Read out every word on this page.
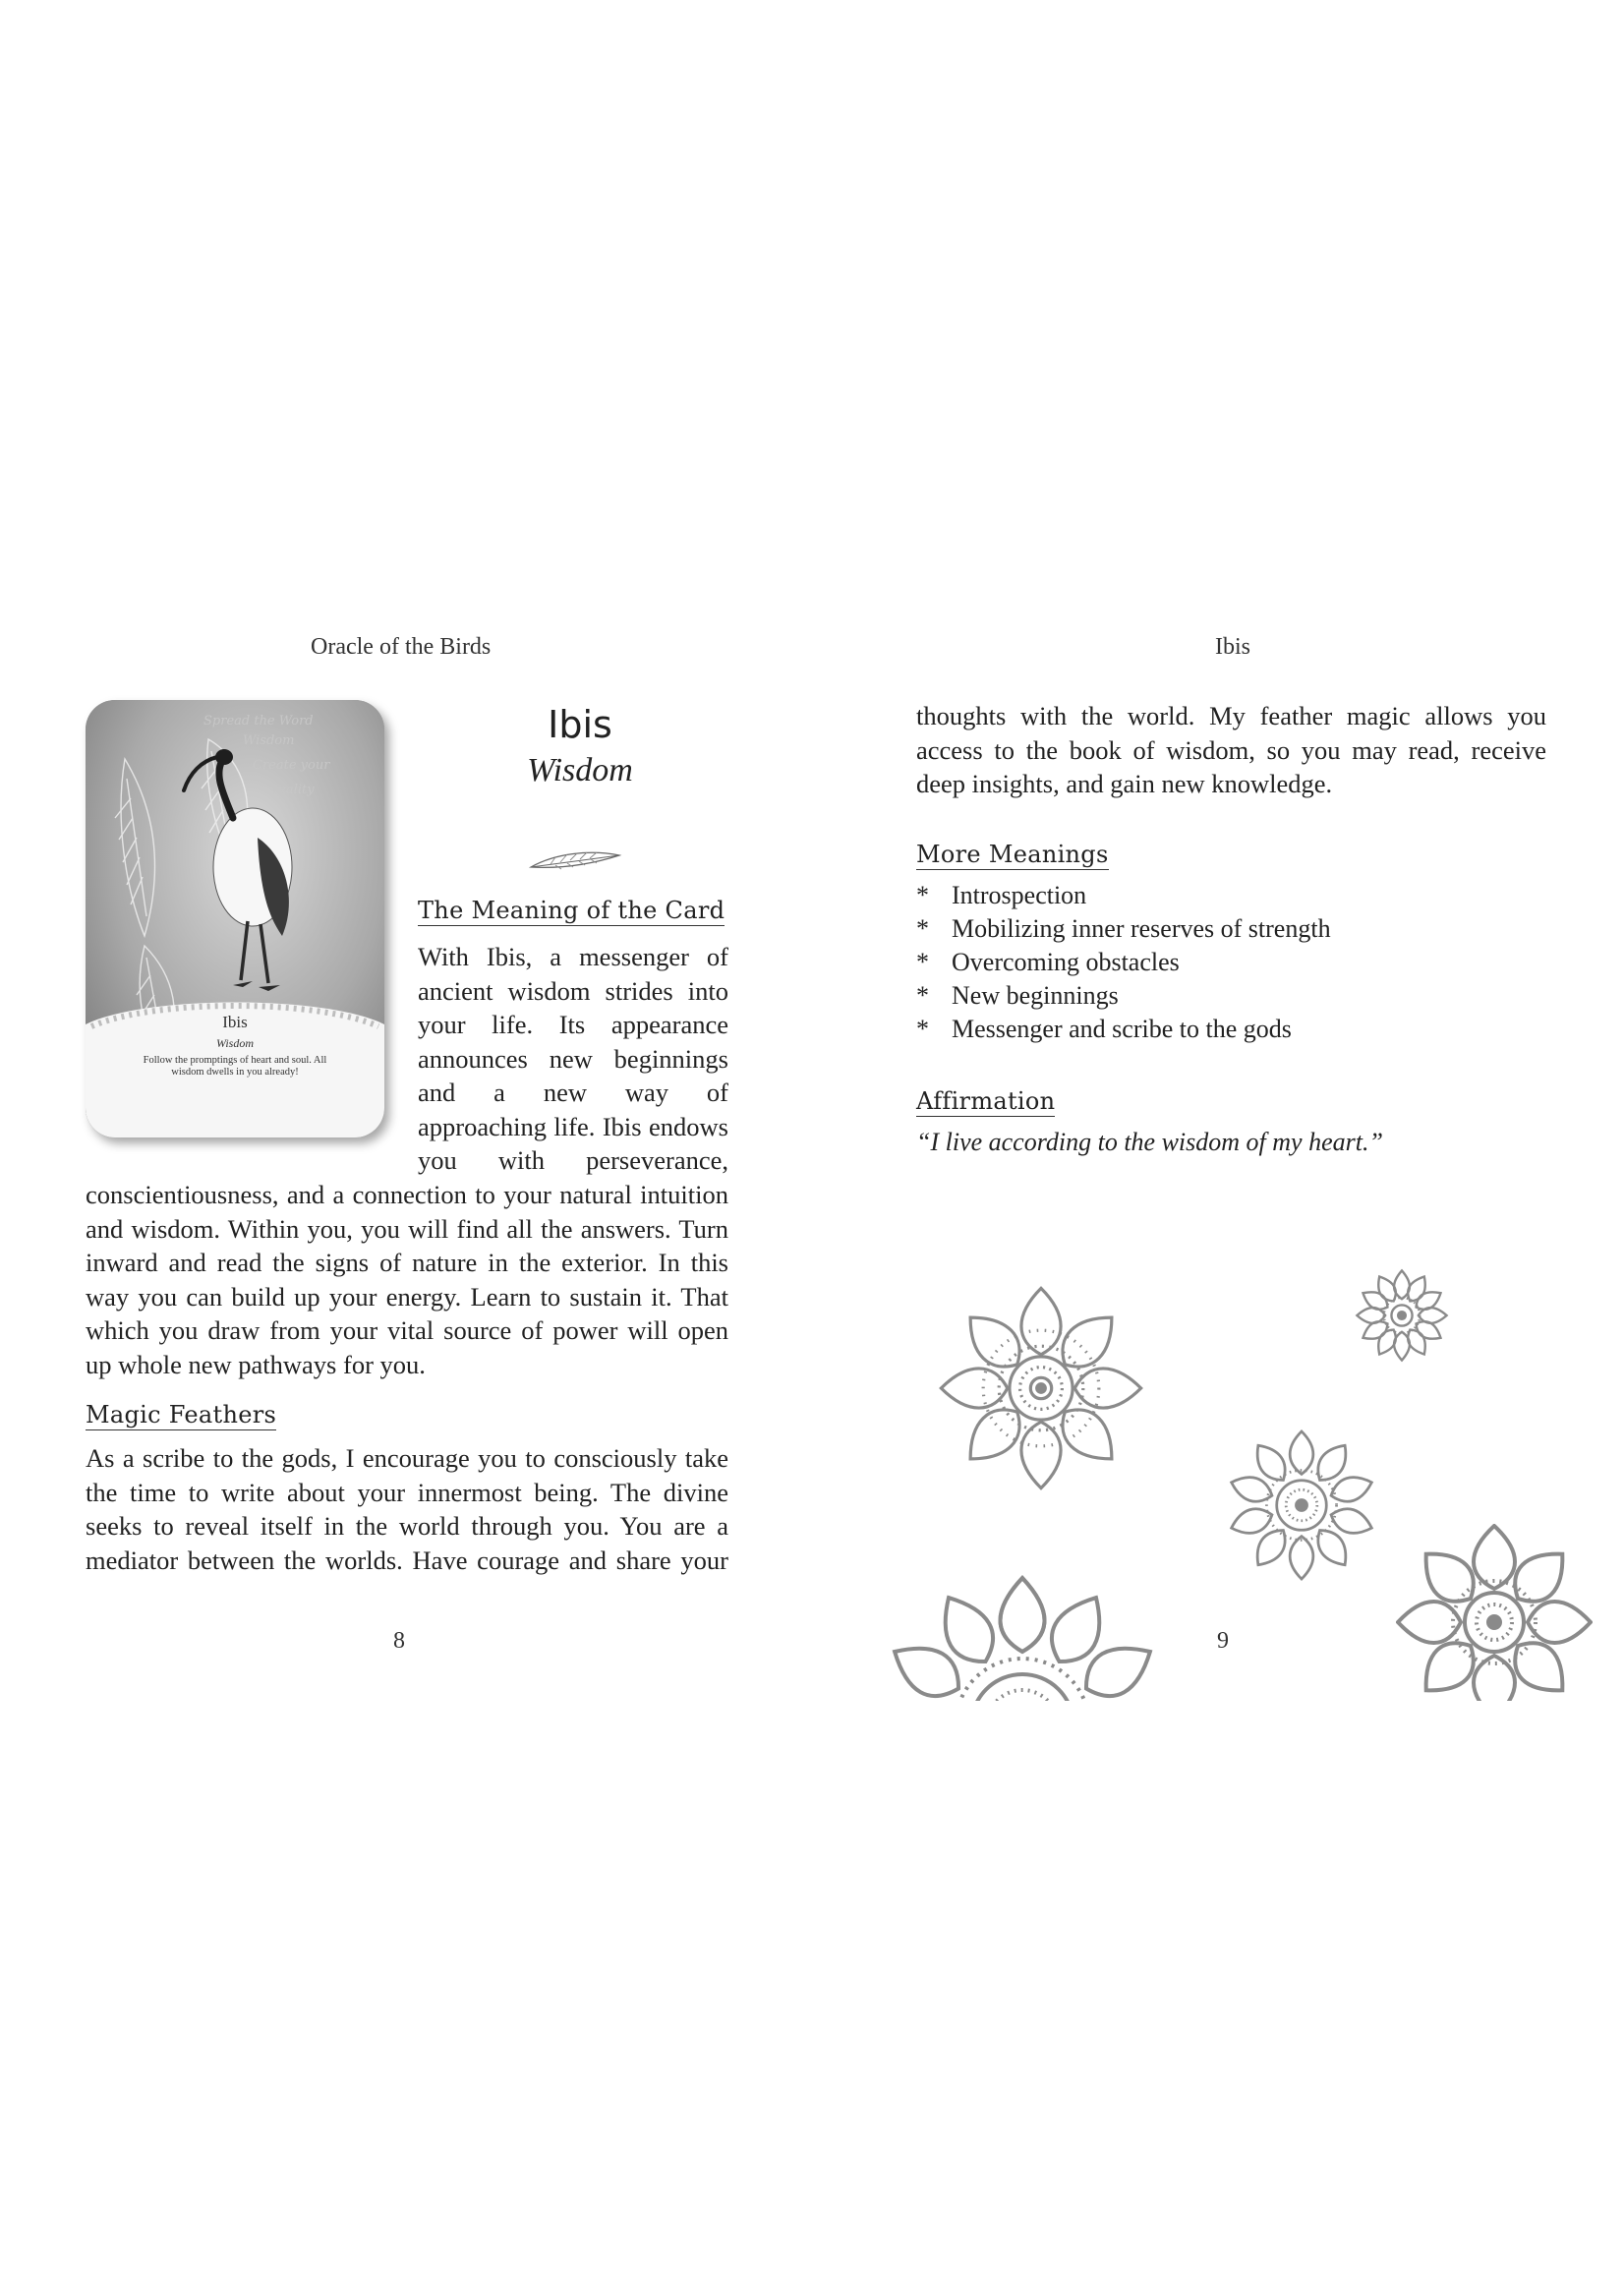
Oracle of the Birds
Spread the Word
Wisdom
Create your
reality
Ibis
Wisdom
Follow the promptings of heart and soul. All wisdom dwells in you already!
Ibis
Wisdom
The Meaning of the Card
With Ibis, a messenger of
ancient wisdom strides into
your life. Its appearance
announces new beginnings
and a new way of
approaching life. Ibis endows
you with perseverance,
conscientiousness, and a connection to your natural intuition and wisdom. Within you, you will find all the answers. Turn inward and read the signs of nature in the exterior. In this way you can build up your energy. Learn to sustain it. That which you draw from your vital source of power will open up whole new pathways for you.
Magic Feathers
As a scribe to the gods, I encourage you to consciously take the time to write about your innermost being. The divine seeks to reveal itself in the world through you. You are a mediator between the worlds. Have courage and share your
8
Ibis
thoughts with the world. My feather magic allows you access to the book of wisdom, so you may read, receive deep insights, and gain new knowledge.
More Meanings
* Introspection
* Mobilizing inner reserves of strength
* Overcoming obstacles
* New beginnings
* Messenger and scribe to the gods
Affirmation
“I live according to the wisdom of my heart.”
9
